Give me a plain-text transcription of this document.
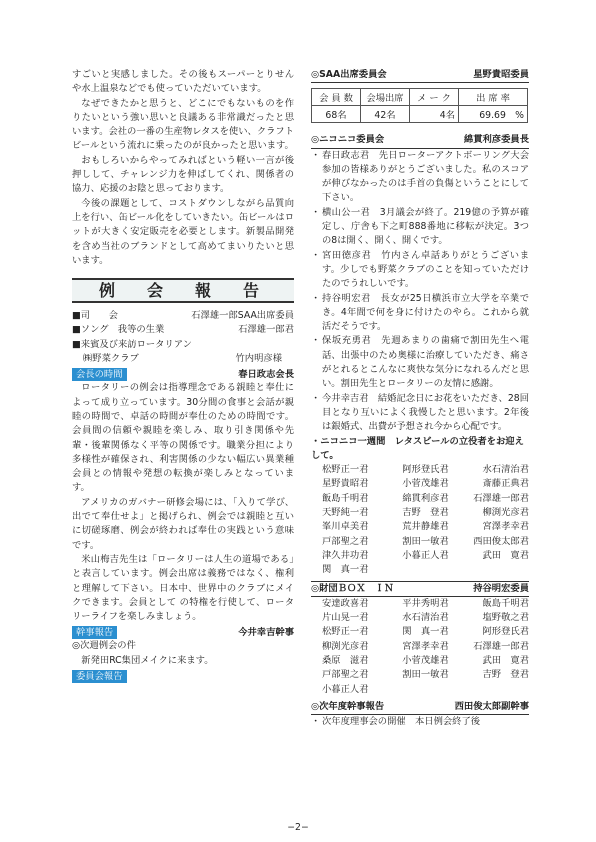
すごいと実感しました。その後もスーパーとりせんや水上温泉などでも使っていただいています。

なぜできたかと思うと、どこにでもないものを作りたいという強い思いと良議ある非常識だったと思います。会社の一番の生産物レタスを使い、クラフトビールという流れに乗ったのが良かったと思います。

おもしろいからやってみればという軽い一言が後押しして、チャレンジ力を伸ばしてくれ、関係者の協力、応援のお陰と思っております。

今後の課題として、コストダウンしながら品質向上を行い、缶ビール化をしていきたい。缶ビールはロットが大きく安定販売を必要とします。新製品開発を含め当社のブランドとして高めてまいりたいと思います。

例　会　報　告
■司　　会	石澤雄一郎SAA出席委員
■ソング　我等の生業	石澤雄一郎君
■来賓及び来訪ロータリアン
㈱野菜クラブ	竹内明彦様
会長の時間	春日政志会長

ロータリーの例会は指導理念である親睦と奉仕によって成り立っています。30分間の食事と会話が親睦の時間で、卓話の時間が奉仕のための時間です。会員間の信頼や親睦を楽しみ、取り引き関係や先輩・後輩関係なく平等の関係です。職業分担により多様性が確保され、利害関係の少ない幅広い異業種会員との情報や発想の転換が楽しみとなっています。

アメリカのガバナー研修会場には、「入りて学び、出でて奉仕せよ」と掲げられ、例会では親睦と互いに切磋琢磨、例会が終われば奉仕の実践という意味です。

米山梅吉先生は「ロータリーは人生の道場である」と表言しています。例会出席は義務ではなく、権利と理解して下さい。日本中、世界中のクラブにメイクできます。会員として の特権を行使して、ロータリーライフを楽しみましょう。

幹事報告	今井幸吉幹事

◎次週例会の件

　新発田RC集団メイクに来ます。

委員会報告
◎SAA出席委員会	星野貴昭委員
会 員 数	会場出席	メ ー ク	出 席 率
68名	42名	4名	69.69　%
◎ニコニコ委員会	綿貫利彦委員長
・ 春日政志君　先日ローターアクトボーリング大会参加の皆様ありがとうございました。私のスコアが伸びなかったのは手首の負傷ということにして下さい。
・ 横山公一君　3月議会が終了。219億の予算が確定し、庁舎も下之町888番地に移転が決定。3つの8は開く、開く、開くです。
・ 宮田徳彦君　竹内さん卓話ありがとうございます。少しでも野菜クラブのことを知っていただけたのでうれしいです。
・ 持谷明宏君　長女が25日横浜市立大学を卒業でき。4年間で何を身に付けたのやら。これから就活だそうです。
・ 保坂充勇君　先週あまりの歯痛で割田先生へ電話、出張中のため奥様に治療していただき、痛さがとれるとこんなに爽快な気分になれるんだと思い。割田先生とロータリーの友情に感謝。
・ 今井幸吉君　結婚記念日にお花をいただき、28回目となり互いによく我慢したと思います。2年後は銀婚式、出費が予想され今から心配です。
・ニコニコ一週間　レタスビールの立役者をお迎えして。
松野正一君	阿形登氏君	水石清治君
星野貴昭君	小菅茂雄君	斎藤正典君
飯島千明君	綿貫利彦君	石澤雄一郎君
天野純一君	吉野　登君	柳渕光彦君
峯川卓美君	荒井静雄君	宮澤孝幸君
戸部聖之君	割田一敏君	西田俊太郎君
津久井功君	小暮正人君	武田　寛君
関　真一君
◎財団ＢＯＸ　ＩＮ	持谷明宏委員
安達政喜君	平井秀明君	飯島千明君
片山晃一君	水石清治君	塩野敬之君
松野正一君	関　真一君	阿形登氏君
柳渕光彦君	宮澤孝幸君	石澤雄一郎君
桑原　滋君	小菅茂雄君	武田　寛君
戸部聖之君	割田一敏君	吉野　登君
小暮正人君
◎次年度幹事報告	西田俊太郎副幹事
・ 次年度理事会の開催　本日例会終了後
−2−
